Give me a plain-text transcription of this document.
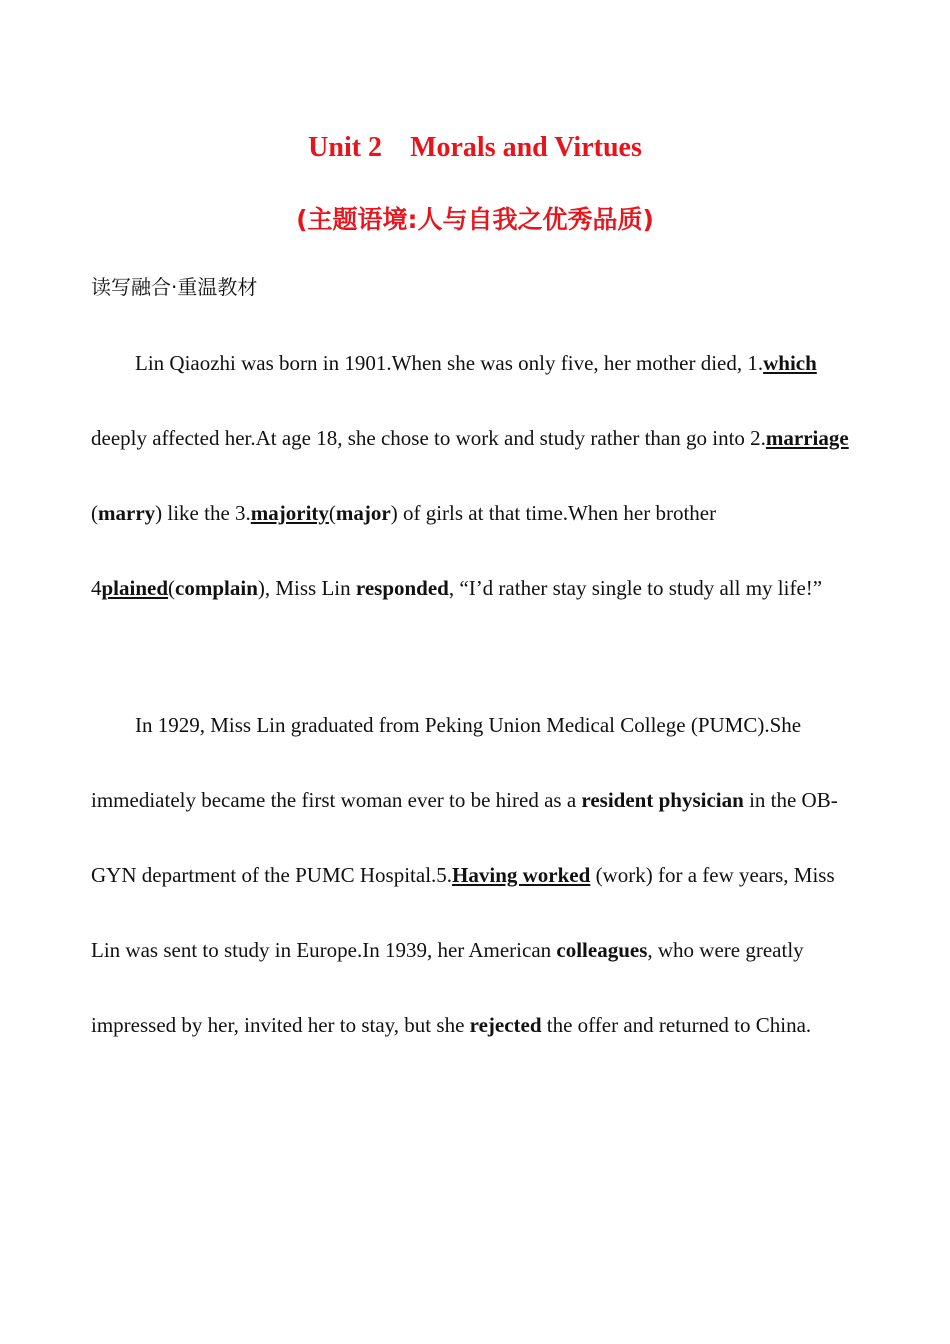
Unit 2 Morals and Virtues
(主题语境:人与自我之优秀品质)
读写融合·重温教材

Lin Qiaozhi was born in 1901.When she was only five, her mother died, 1.which deeply affected her.At age 18, she chose to work and study rather than go into 2.marriage (marry) like the 3.majority(major) of girls at that time.When her brother 4plained(complain), Miss Lin responded, “I’d rather stay single to study all my life!”

In 1929, Miss Lin graduated from Peking Union Medical College (PUMC).She immediately became the first woman ever to be hired as a resident physician in the OB-GYN department of the PUMC Hospital.5.Having worked (work) for a few years, Miss Lin was sent to study in Europe.In 1939, her American colleagues, who were greatly impressed by her, invited her to stay, but she rejected the offer and returned to China.
